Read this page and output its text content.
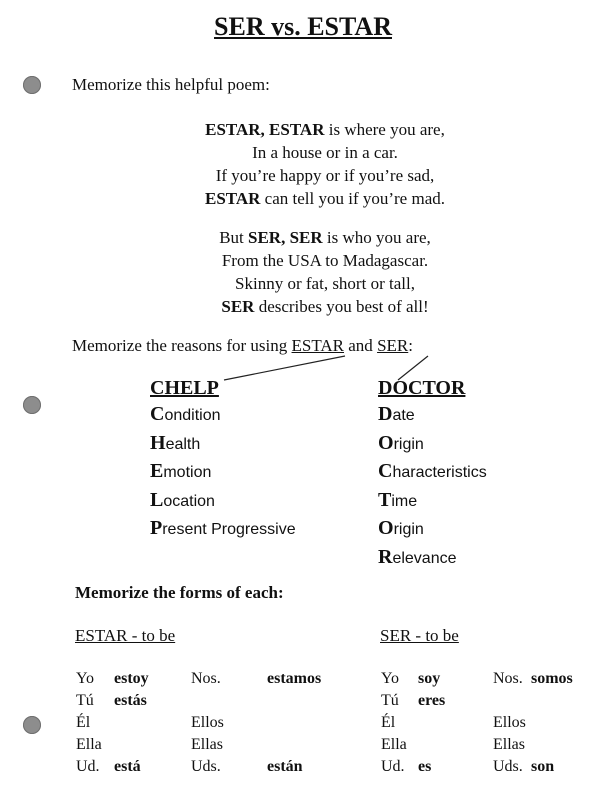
SER vs. ESTAR
Memorize this helpful poem:
ESTAR, ESTAR is where you are,
In a house or in a car.
If you’re happy or if you’re sad,
ESTAR can tell you if you’re mad.
But SER, SER is who you are,
From the USA to Madagascar.
Skinny or fat, short or tall,
SER describes you best of all!
Memorize the reasons for using ESTAR and SER:
CHELP
Condition
Health
Emotion
Location
Present Progressive
DOCTOR
Date
Origin
Characteristics
Time
Origin
Relevance
Memorize the forms of each:
ESTAR - to be	SER - to be
Yo estoy	Nos.	estamos
Tú estás
Él	Ellos
Ella	Ellas
Ud. está	Uds.	están
Yo soy	Nos. somos
Tú eres
Él	Ellos
Ella	Ellas
Ud. es	Uds. son
